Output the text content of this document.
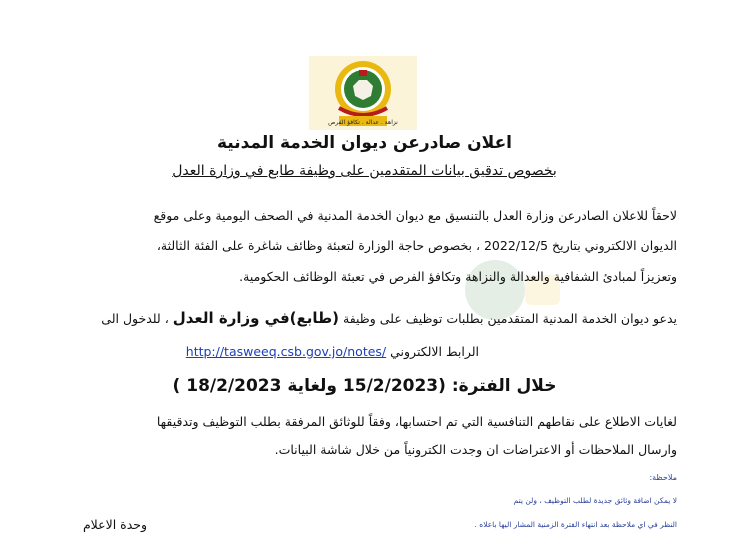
نزاهة . عدالة . تكافؤ الفرص
اعلان صادرعن ديوان الخدمة المدنية
بخصوص تدقيق بيانات المتقدمين على وظيفة طابع في وزارة العدل
لاحقاً للاعلان الصادرعن وزارة العدل بالتنسيق مع ديوان الخدمة المدنية في الصحف اليومية وعلى موقع
الديوان الالكتروني بتاريخ 2022/12/5 ، بخصوص حاجة الوزارة لتعبئة وظائف شاغرة على الفئة الثالثة،
وتعزيزاً لمبادئ الشفافية والعدالة والنزاهة وتكافؤ الفرص في تعبئة الوظائف الحكومية.
يدعو ديوان الخدمة المدنية المتقدمين بطلبات توظيف على وظيفة (طابع)في وزارة العدل ، للدخول الى
الرابط الالكتروني http://tasweeq.csb.gov.jo/notes/
خلال الفترة: (15/2/2023 ولغاية 18/2/2023 )
لغايات الاطلاع على نقاطهم التنافسية التي تم احتسابها، وفقاً للوثائق المرفقة بطلب التوظيف وتدقيقها
وارسال الملاحظات أو الاعتراضات ان وجدت الكترونياً من خلال شاشة البيانات.
ملاحظة:
لا يمكن اضافة وثائق جديدة لطلب التوظيف ، ولن يتم
النظر في اي ملاحظة بعد انتهاء الفترة الزمنية المشار اليها باعلاه .
وحدة الاعلام
